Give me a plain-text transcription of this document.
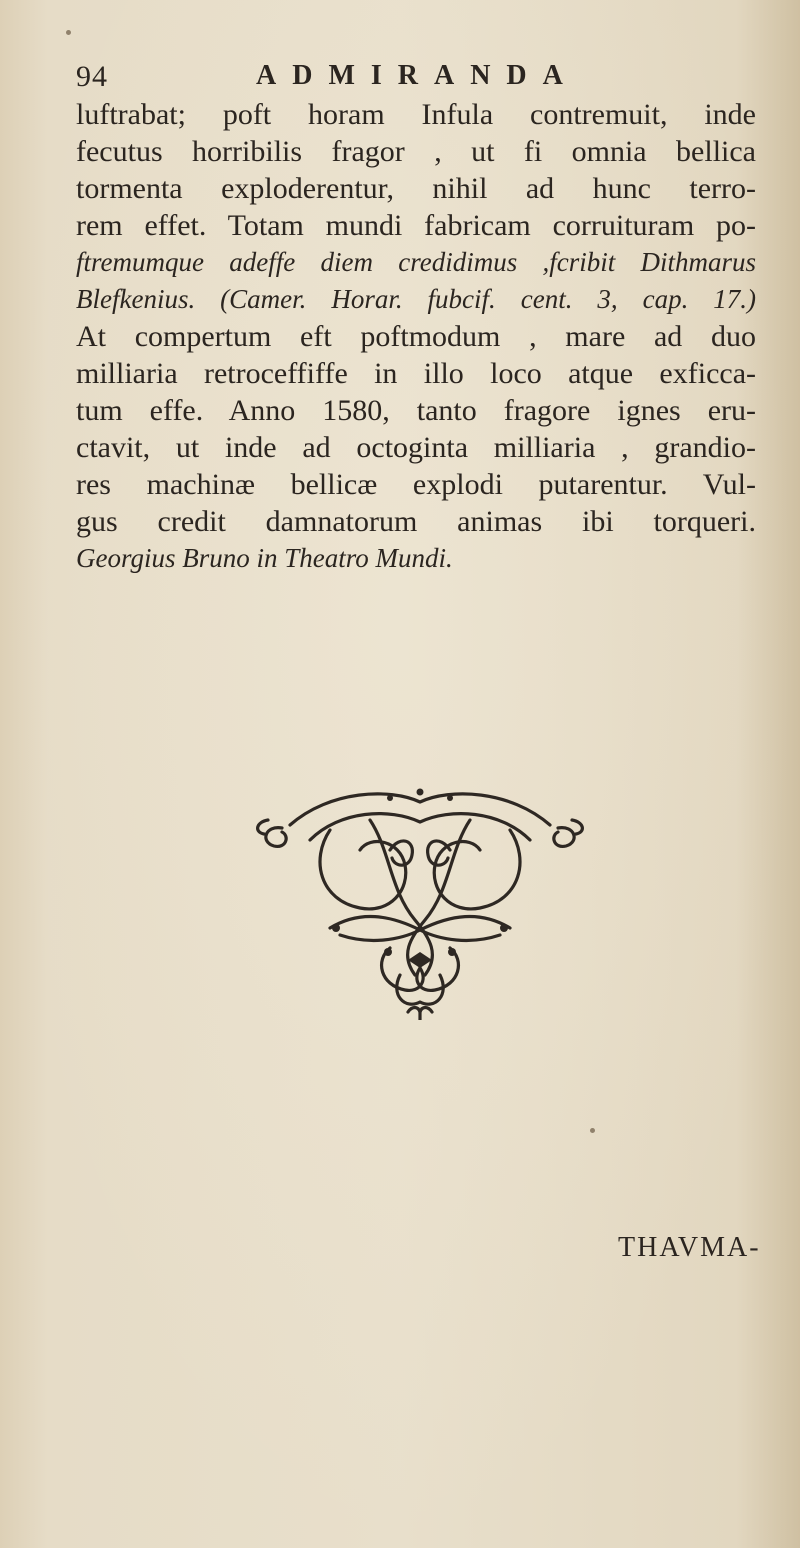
94	ADMIRANDA
luftrabat; poft horam Infula contremuit, inde
fecutus horribilis fragor , ut fi omnia bellica
tormenta exploderentur, nihil ad hunc terro-
rem effet. Totam mundi fabricam corruituram po-
ftremumque adeffe diem credidimus ,fcribit Dithmarus
Blefkenius. (Camer. Horar. fubcif. cent. 3, cap. 17.)
At compertum eft poftmodum , mare ad duo
milliaria retroceffiffe in illo loco atque exficca-
tum effe. Anno 1580, tanto fragore ignes eru-
ctavit, ut inde ad octoginta milliaria , grandio-
res machinæ bellicæ explodi putarentur. Vul-
gus credit damnatorum animas ibi torqueri.
Georgius Bruno in Theatro Mundi.
THAVMA-
